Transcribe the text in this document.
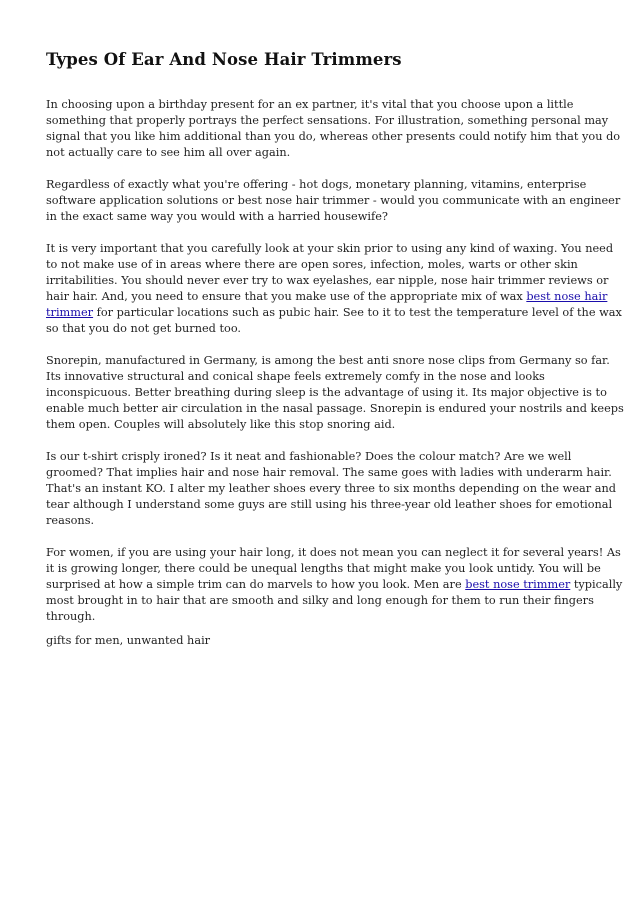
Types Of Ear And Nose Hair Trimmers

In choosing upon a birthday present for an ex partner, it's vital that you choose upon a little
something that properly portrays the perfect sensations. For illustration, something personal may
signal that you like him additional than you do, whereas other presents could notify him that you do
not actually care to see him all over again.

Regardless of exactly what you're offering - hot dogs, monetary planning, vitamins, enterprise
software application solutions or best nose hair trimmer - would you communicate with an engineer
in the exact same way you would with a harried housewife?

It is very important that you carefully look at your skin prior to using any kind of waxing. You need
to not make use of in areas where there are open sores, infection, moles, warts or other skin
irritabilities. You should never ever try to wax eyelashes, ear nipple, nose hair trimmer reviews or
hair hair. And, you need to ensure that you make use of the appropriate mix of wax best nose hair
trimmer for particular locations such as pubic hair. See to it to test the temperature level of the wax
so that you do not get burned too.

Snorepin, manufactured in Germany, is among the best anti snore nose clips from Germany so far.
Its innovative structural and conical shape feels extremely comfy in the nose and looks
inconspicuous. Better breathing during sleep is the advantage of using it. Its major objective is to
enable much better air circulation in the nasal passage. Snorepin is endured your nostrils and keeps
them open. Couples will absolutely like this stop snoring aid.

Is our t-shirt crisply ironed? Is it neat and fashionable? Does the colour match? Are we well
groomed? That implies hair and nose hair removal. The same goes with ladies with underarm hair.
That's an instant KO. I alter my leather shoes every three to six months depending on the wear and
tear although I understand some guys are still using his three-year old leather shoes for emotional
reasons.

For women, if you are using your hair long, it does not mean you can neglect it for several years! As
it is growing longer, there could be unequal lengths that might make you look untidy. You will be
surprised at how a simple trim can do marvels to how you look. Men are best nose trimmer typically
most brought in to hair that are smooth and silky and long enough for them to run their fingers
through.

gifts for men, unwanted hair
